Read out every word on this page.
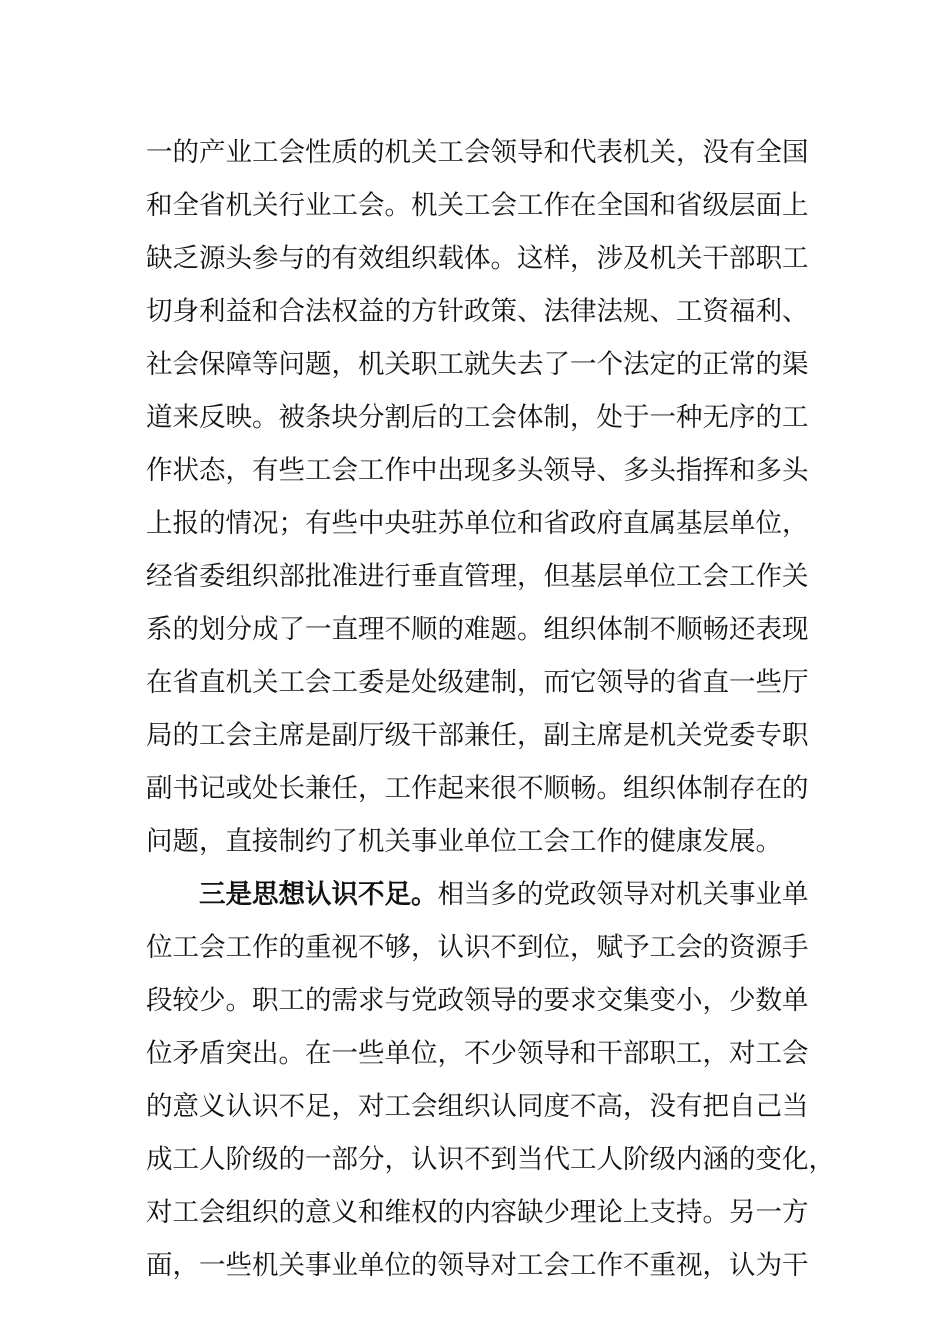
一的产业工会性质的机关工会领导和代表机关，没有全国
和全省机关行业工会。机关工会工作在全国和省级层面上
缺乏源头参与的有效组织载体。这样，涉及机关干部职工
切身利益和合法权益的方针政策、法律法规、工资福利、
社会保障等问题，机关职工就失去了一个法定的正常的渠
道来反映。被条块分割后的工会体制，处于一种无序的工
作状态，有些工会工作中出现多头领导、多头指挥和多头
上报的情况；有些中央驻苏单位和省政府直属基层单位，
经省委组织部批准进行垂直管理，但基层单位工会工作关
系的划分成了一直理不顺的难题。组织体制不顺畅还表现
在省直机关工会工委是处级建制，而它领导的省直一些厅
局的工会主席是副厅级干部兼任，副主席是机关党委专职
副书记或处长兼任，工作起来很不顺畅。组织体制存在的
问题，直接制约了机关事业单位工会工作的健康发展。
三是思想认识不足。相当多的党政领导对机关事业单
位工会工作的重视不够，认识不到位，赋予工会的资源手
段较少。职工的需求与党政领导的要求交集变小，少数单
位矛盾突出。在一些单位，不少领导和干部职工，对工会
的意义认识不足，对工会组织认同度不高，没有把自己当
成工人阶级的一部分，认识不到当代工人阶级内涵的变化，
对工会组织的意义和维权的内容缺少理论上支持。另一方
面，一些机关事业单位的领导对工会工作不重视，认为干
